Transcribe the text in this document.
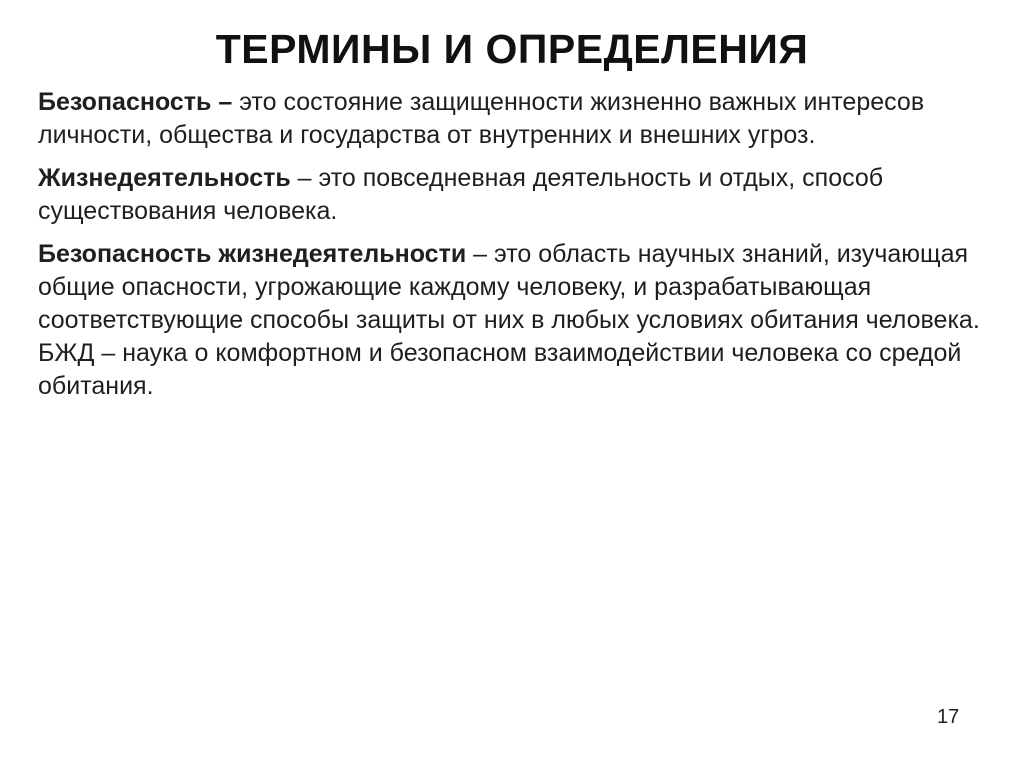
ТЕРМИНЫ И ОПРЕДЕЛЕНИЯ

Безопасность – это состояние защищенности жизненно важных интересов личности, общества и государства от внутренних и внешних угроз.

Жизнедеятельность – это повседневная деятельность и отдых, способ существования человека.

Безопасность жизнедеятельности – это область научных знаний, изучающая общие опасности, угрожающие каждому человеку, и разрабатывающая соответствующие способы защиты от них в любых условиях обитания человека. БЖД – наука о комфортном и безопасном взаимодействии человека со средой обитания.

17
